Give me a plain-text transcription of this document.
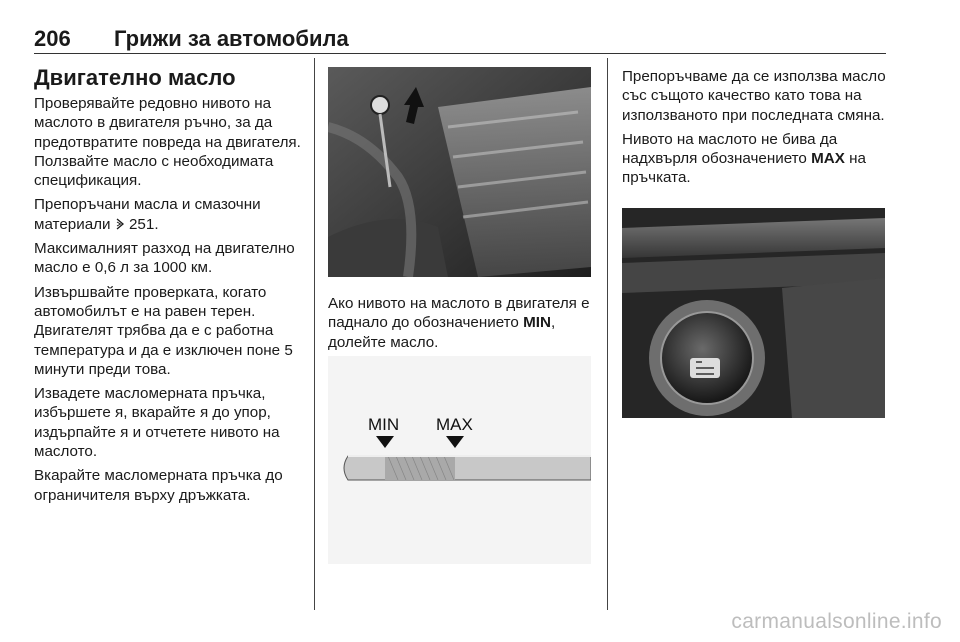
206 Грижи за автомобила
Двигателно масло

Проверявайте редовно нивото на маслото в двигателя ръчно, за да предотвратите повреда на двигателя. Ползвайте масло с необходимата спецификация.

Препоръчани масла и смазочни материали 251.

Максималният разход на двигателно масло е 0,6 л за 1000 км.

Извършвайте проверката, когато автомобилът е на равен терен. Двигателят трябва да е с работна температура и да е изключен поне 5 минути преди това.

Извадете масломерната пръчка, избършете я, вкарайте я до упор, издърпайте я и отчетете нивото на маслото.

Вкарайте масломерната пръчка до ограничителя върху дръжката.

Ако нивото на маслото в двигателя е паднало до обозначението MIN, долейте масло.

MIN MAX

Препоръчваме да се използва масло със същото качество като това на използваното при последната смяна.

Нивото на маслото не бива да надхвърля обозначението MAX на пръчката.

carmanualsonline.info
